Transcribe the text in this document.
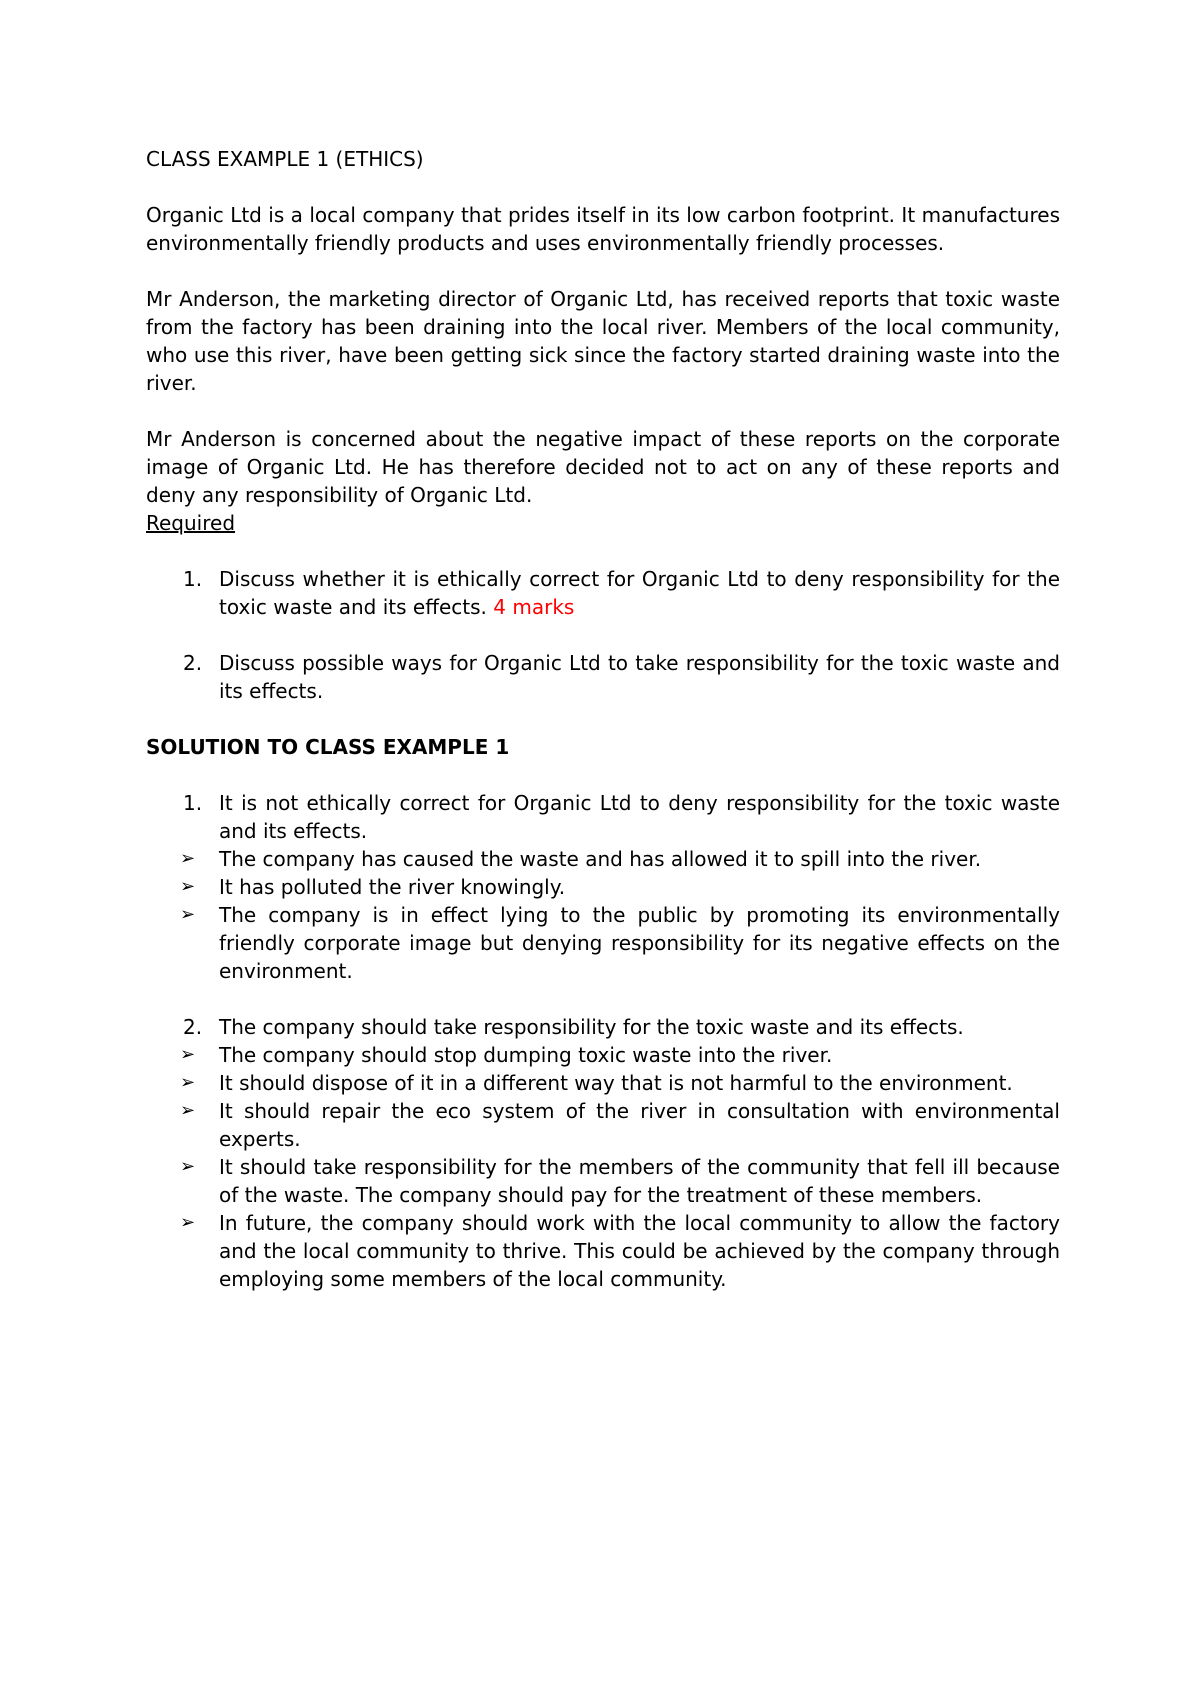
CLASS EXAMPLE 1 (ETHICS)

Organic Ltd is a local company that prides itself in its low carbon footprint. It manufactures environmentally friendly products and uses environmentally friendly processes.

Mr Anderson, the marketing director of Organic Ltd, has received reports that toxic waste from the factory has been draining into the local river. Members of the local community, who use this river, have been getting sick since the factory started draining waste into the river.

Mr Anderson is concerned about the negative impact of these reports on the corporate image of Organic Ltd. He has therefore decided not to act on any of these reports and deny any responsibility of Organic Ltd.

Required
1. Discuss whether it is ethically correct for Organic Ltd to deny responsibility for the toxic waste and its effects. 4 marks
2. Discuss possible ways for Organic Ltd to take responsibility for the toxic waste and its effects.
SOLUTION TO CLASS EXAMPLE 1
1. It is not ethically correct for Organic Ltd to deny responsibility for the toxic waste and its effects.
➢ The company has caused the waste and has allowed it to spill into the river.
➢ It has polluted the river knowingly.
➢ The company is in effect lying to the public by promoting its environmentally friendly corporate image but denying responsibility for its negative effects on the environment.
2. The company should take responsibility for the toxic waste and its effects.
➢ The company should stop dumping toxic waste into the river.
➢ It should dispose of it in a different way that is not harmful to the environment.
➢ It should repair the eco system of the river in consultation with environmental experts.
➢ It should take responsibility for the members of the community that fell ill because of the waste. The company should pay for the treatment of these members.
➢ In future, the company should work with the local community to allow the factory and the local community to thrive. This could be achieved by the company through employing some members of the local community.
